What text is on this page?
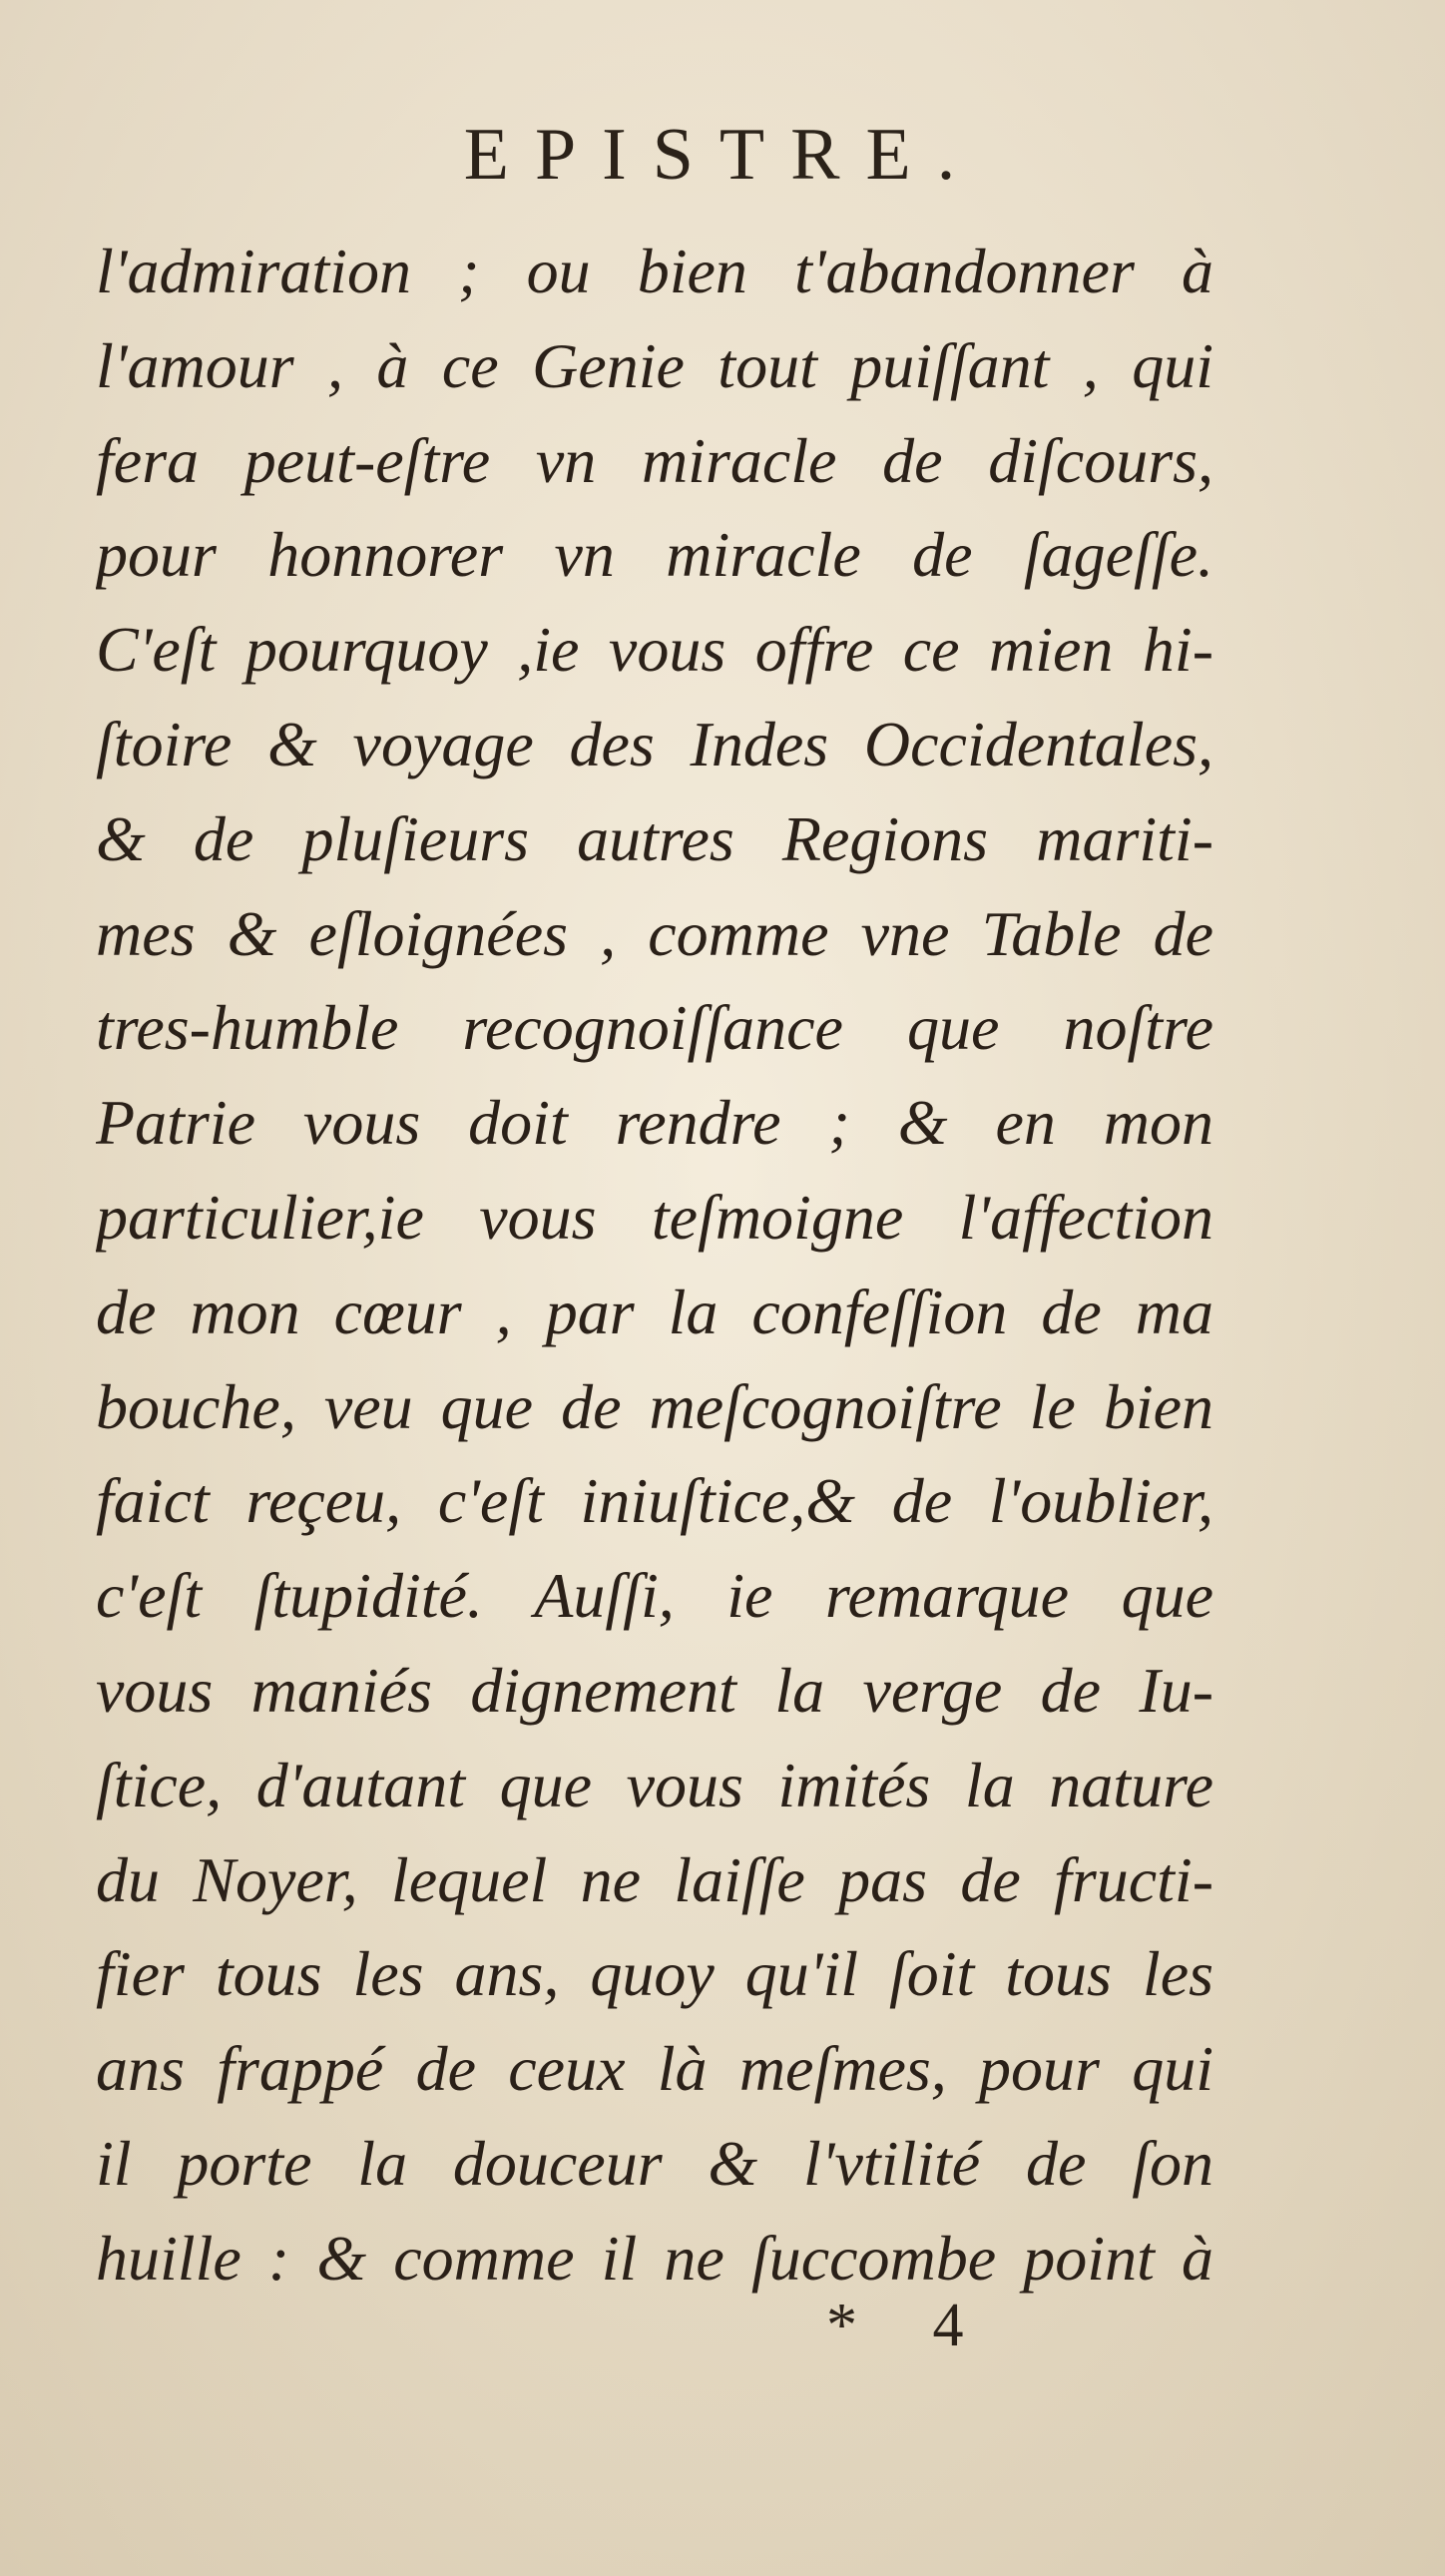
EPISTRE.
l'admiration ; ou bien t'abandonner à
l'amour , à ce Genie tout puiſſant , qui
fera peut-eſtre vn miracle de diſcours,
pour honnorer vn miracle de ſageſſe.
C'eſt pourquoy ,ie vous offre ce mien hi-
ſtoire & voyage des Indes Occidentales,
& de pluſieurs autres Regions mariti-
mes & eſloignées , comme vne Table de
tres-humble recognoiſſance que noſtre
Patrie vous doit rendre ; & en mon
particulier,ie vous teſmoigne l'affection
de mon cœur , par la confeſſion de ma
bouche, veu que de meſcognoiſtre le bien
faict reçeu, c'eſt iniuſtice,& de l'oublier,
c'eſt ſtupidité. Auſſi, ie remarque que
vous maniés dignement la verge de Iu-
ſtice, d'autant que vous imités la nature
du Noyer, lequel ne laiſſe pas de fructi-
fier tous les ans, quoy qu'il ſoit tous les
ans frappé de ceux là meſmes, pour qui
il porte la douceur & l'vtilité de ſon
huille : & comme il ne ſuccombe point à
* 4
